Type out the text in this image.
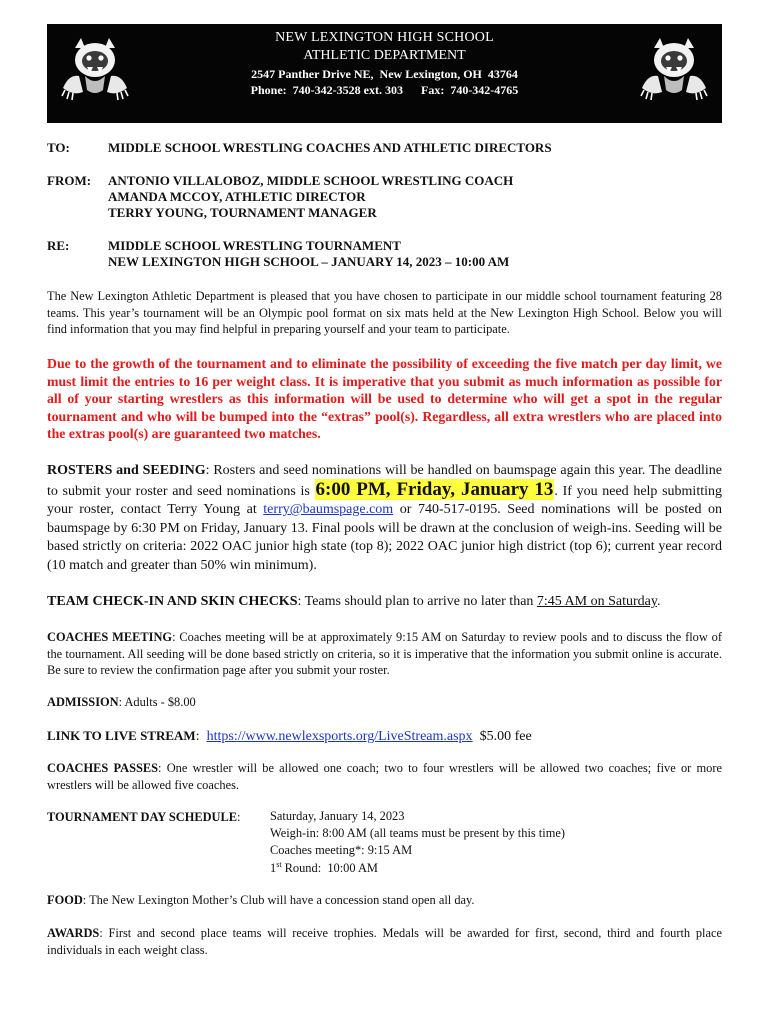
NEW LEXINGTON HIGH SCHOOL
ATHLETIC DEPARTMENT
2547 Panther Drive NE,  New Lexington, OH  43764
Phone:  740-342-3528 ext. 303      Fax:  740-342-4765
TO:	MIDDLE SCHOOL WRESTLING COACHES AND ATHLETIC DIRECTORS
FROM:	ANTONIO VILLALOBOZ, MIDDLE SCHOOL WRESTLING COACH
AMANDA MCCOY, ATHLETIC DIRECTOR
TERRY YOUNG, TOURNAMENT MANAGER
RE:	MIDDLE SCHOOL WRESTLING TOURNAMENT
NEW LEXINGTON HIGH SCHOOL – JANUARY 14, 2023 – 10:00 AM
The New Lexington Athletic Department is pleased that you have chosen to participate in our middle school tournament featuring 28 teams. This year’s tournament will be an Olympic pool format on six mats held at the New Lexington High School. Below you will find information that you may find helpful in preparing yourself and your team to participate.
Due to the growth of the tournament and to eliminate the possibility of exceeding the five match per day limit, we must limit the entries to 16 per weight class. It is imperative that you submit as much information as possible for all of your starting wrestlers as this information will be used to determine who will get a spot in the regular tournament and who will be bumped into the “extras” pool(s). Regardless, all extra wrestlers who are placed into the extras pool(s) are guaranteed two matches.
ROSTERS and SEEDING: Rosters and seed nominations will be handled on baumspage again this year. The deadline to submit your roster and seed nominations is 6:00 PM, Friday, January 13. If you need help submitting your roster, contact Terry Young at terry@baumspage.com or 740-517-0195. Seed nominations will be posted on baumspage by 6:30 PM on Friday, January 13. Final pools will be drawn at the conclusion of weigh-ins. Seeding will be based strictly on criteria: 2022 OAC junior high state (top 8); 2022 OAC junior high district (top 6); current year record (10 match and greater than 50% win minimum).
TEAM CHECK-IN AND SKIN CHECKS: Teams should plan to arrive no later than 7:45 AM on Saturday.
COACHES MEETING: Coaches meeting will be at approximately 9:15 AM on Saturday to review pools and to discuss the flow of the tournament. All seeding will be done based strictly on criteria, so it is imperative that the information you submit online is accurate. Be sure to review the confirmation page after you submit your roster.
ADMISSION: Adults - $8.00
LINK TO LIVE STREAM:  https://www.newlexsports.org/LiveStream.aspx  $5.00 fee
COACHES PASSES: One wrestler will be allowed one coach; two to four wrestlers will be allowed two coaches; five or more wrestlers will be allowed five coaches.
TOURNAMENT DAY SCHEDULE:	Saturday, January 14, 2023
Weigh-in: 8:00 AM (all teams must be present by this time)
Coaches meeting*: 9:15 AM
1st Round:  10:00 AM
FOOD: The New Lexington Mother’s Club will have a concession stand open all day.
AWARDS: First and second place teams will receive trophies. Medals will be awarded for first, second, third and fourth place individuals in each weight class.
